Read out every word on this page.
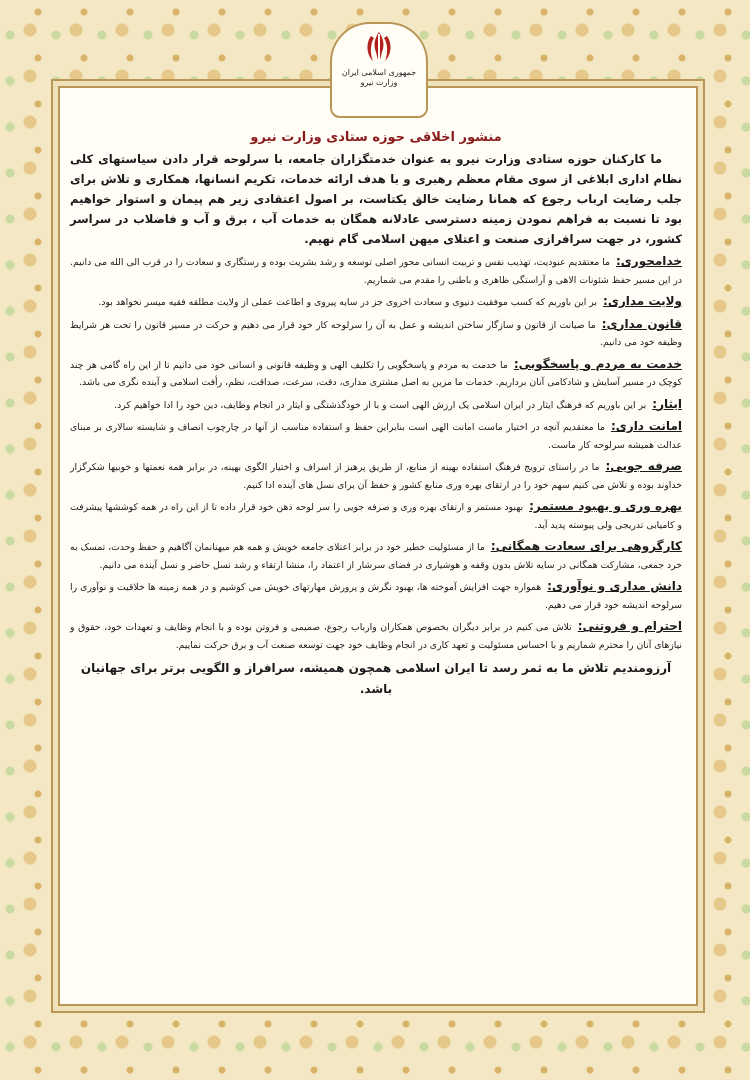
جمهوری اسلامی ایران
وزارت نیرو
منشور اخلاقی حوزه ستادی وزارت نیرو
ما کارکنان حوزه ستادی وزارت نیرو به عنوان خدمتگزاران جامعه، با سرلوحه قرار دادن سیاستهای کلی نظام اداری ابلاغی از سوی مقام معظم رهبری و با هدف ارائه خدمات، تکریم انسانها، همکاری و تلاش برای جلب رضایت ارباب رجوع که همانا رضایت خالق یکتاست، بر اصول اعتقادی زیر هم پیمان و استوار خواهیم بود تا نسبت به فراهم نمودن زمینه دسترسی عادلانه همگان به خدمات آب ، برق و آب و فاضلاب در سراسر کشور، در جهت سرافرازی صنعت و اعتلای میهن اسلامی گام نهیم.
خدامحوری:ما معتقدیم عبودیت، تهذیب نفس و تربیت انسانی محور اصلی توسعه و رشد بشریت بوده و رستگاری و سعادت را در قرب الی الله می دانیم. در این مسیر حفظ شئونات الاهی و آراستگی ظاهری و باطنی را مقدم می شماریم.
ولایت مداری:بر این باوریم که کسب موفقیت دنیوی و سعادت اخروی جز در سایه پیروی و اطاعت عملی از ولایت مطلقه فقیه میسر نخواهد بود.
قانون مداری:ما صیانت از قانون و سازگار ساختن اندیشه و عمل به آن را سرلوحه کار خود قرار می دهیم و حرکت در مسیر قانون را تحت هر شرایط وظیفه خود می دانیم.
خدمت به مردم و پاسخگویی:ما خدمت به مردم و پاسخگویی را تکلیف الهی و وظیفه قانونی و انسانی خود می دانیم تا از این راه گامی هر چند کوچک در مسیر آسایش و شادکامی آنان برداریم. خدمات ما مزین به اصل مشتری مداری، دقت، سرعت، صداقت، نظم، رأفت اسلامی و آینده نگری می باشد.
ایثار:بر این باوریم که فرهنگ ایثار در ایران اسلامی یک ارزش الهی است و با از خودگذشتگی و ایثار در انجام وظایف، دین خود را ادا خواهیم کرد.
امانت داری:ما معتقدیم آنچه در اختیار ماست امانت الهی است بنابراین حفظ و استفاده مناسب از آنها در چارچوب انصاف و شایسته سالاری بر مبنای عدالت همیشه سرلوحه کار ماست.
صرفه جویی:ما در راستای ترویج فرهنگ استفاده بهینه از منابع، از طریق پرهیز از اسراف و اختیار الگوی بهینه، در برابر همه نعمتها و خوبیها شکرگزار خداوند بوده و تلاش می کنیم سهم خود را در ارتقای بهره وری منابع کشور و حفظ آن برای نسل های آینده ادا کنیم.
بهره وری و بهبود مستمر:بهبود مستمر و ارتقای بهره وری و صرفه جویی را سر لوحه ذهن خود قرار داده تا از این راه در همه کوششها پیشرفت و کامیابی تدریجی ولی پیوسته پدید آید.
کارگروهی برای سعادت همگانی:ما از مسئولیت خطیر خود در برابر اعتلای جامعه خویش و همه هم میهنانمان آگاهیم و حفظ وحدت، تمسک به خرد جمعی، مشارکت همگانی در سایه تلاش بدون وقفه و هوشیاری در فضای سرشار از اعتماد را، منشا ارتقاء و رشد نسل حاضر و نسل آینده می دانیم.
دانش مداری و نوآوری:همواره جهت افزایش آموخته ها، بهبود نگرش و پرورش مهارتهای خویش می کوشیم و در همه زمینه ها خلاقیت و نوآوری را سرلوحه اندیشه خود قرار می دهیم.
احترام و فروتنی:تلاش می کنیم در برابر دیگران بخصوص همکاران وارباب رجوع، صمیمی و فروتن بوده و با انجام وظایف و تعهدات خود، حقوق و نیازهای آنان را محترم شماریم و با احساس مسئولیت و تعهد کاری در انجام وظایف خود جهت توسعه صنعت آب و برق حرکت نماییم.
آرزومندیم تلاش ما به ثمر رسد تا ایران اسلامی همچون همیشه، سرافراز و الگویی برتر برای جهانیان باشد.
